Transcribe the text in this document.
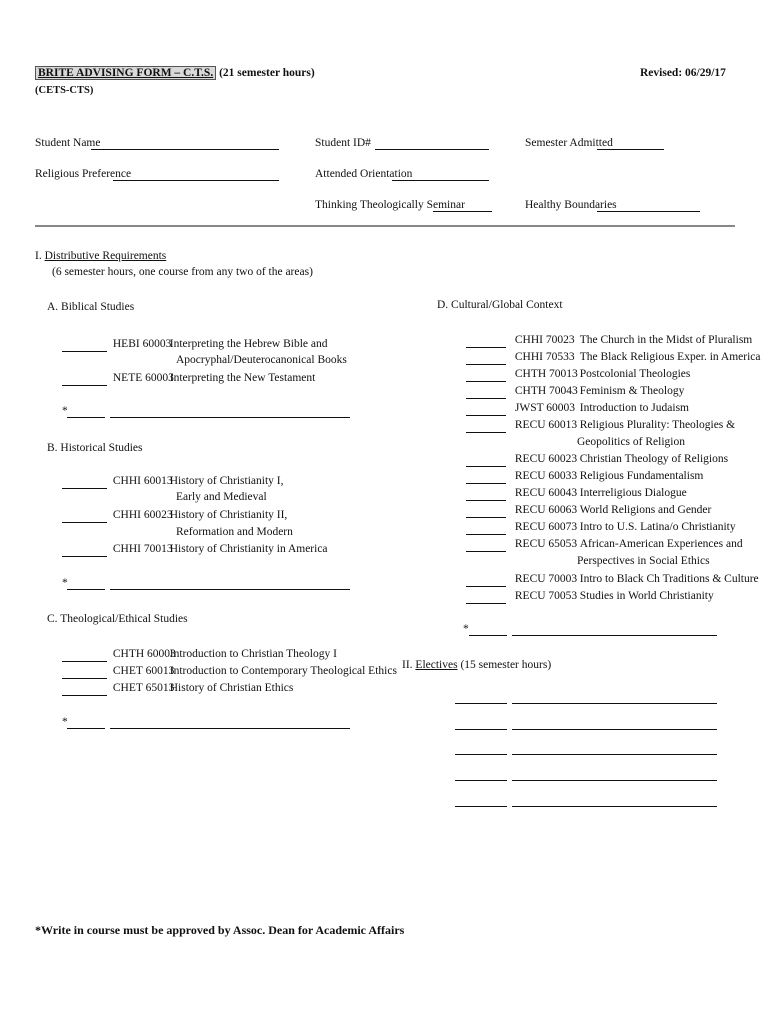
BRITE ADVISING FORM – C.T.S. (21 semester hours)
(CETS-CTS)
Revised: 06/29/17
Student Name	Student ID#	Semester Admitted
Religious Preference	Attended Orientation
Thinking Theologically Seminar	Healthy Boundaries
I. Distributive Requirements
(6 semester hours, one course from any two of the areas)
A. Biblical Studies
HEBI 60003 Interpreting the Hebrew Bible and
Apocryphal/Deuterocanonical Books
NETE 60003 Interpreting the New Testament
*
B. Historical Studies
CHHI 60013 History of Christianity I,
Early and Medieval
CHHI 60023 History of Christianity II,
Reformation and Modern
CHHI 70013 History of Christianity in America
*
C. Theological/Ethical Studies
CHTH 60003 Introduction to Christian Theology I
CHET 60013 Introduction to Contemporary Theological Ethics
CHET 65013 History of Christian Ethics
*
D. Cultural/Global Context
CHHI 70023 The Church in the Midst of Pluralism
CHHI 70533 The Black Religious Exper. in America
CHTH 70013 Postcolonial Theologies
CHTH 70043 Feminism & Theology
JWST 60003 Introduction to Judaism
RECU 60013 Religious Plurality: Theologies &
Geopolitics of Religion
RECU 60023 Christian Theology of Religions
RECU 60033 Religious Fundamentalism
RECU 60043 Interreligious Dialogue
RECU 60063 World Religions and Gender
RECU 60073 Intro to U.S. Latina/o Christianity
RECU 65053 African-American Experiences and
Perspectives in Social Ethics
RECU 70003 Intro to Black Ch Traditions & Culture
RECU 70053 Studies in World Christianity
*
II. Electives (15 semester hours)
*Write in course must be approved by Assoc. Dean for Academic Affairs
